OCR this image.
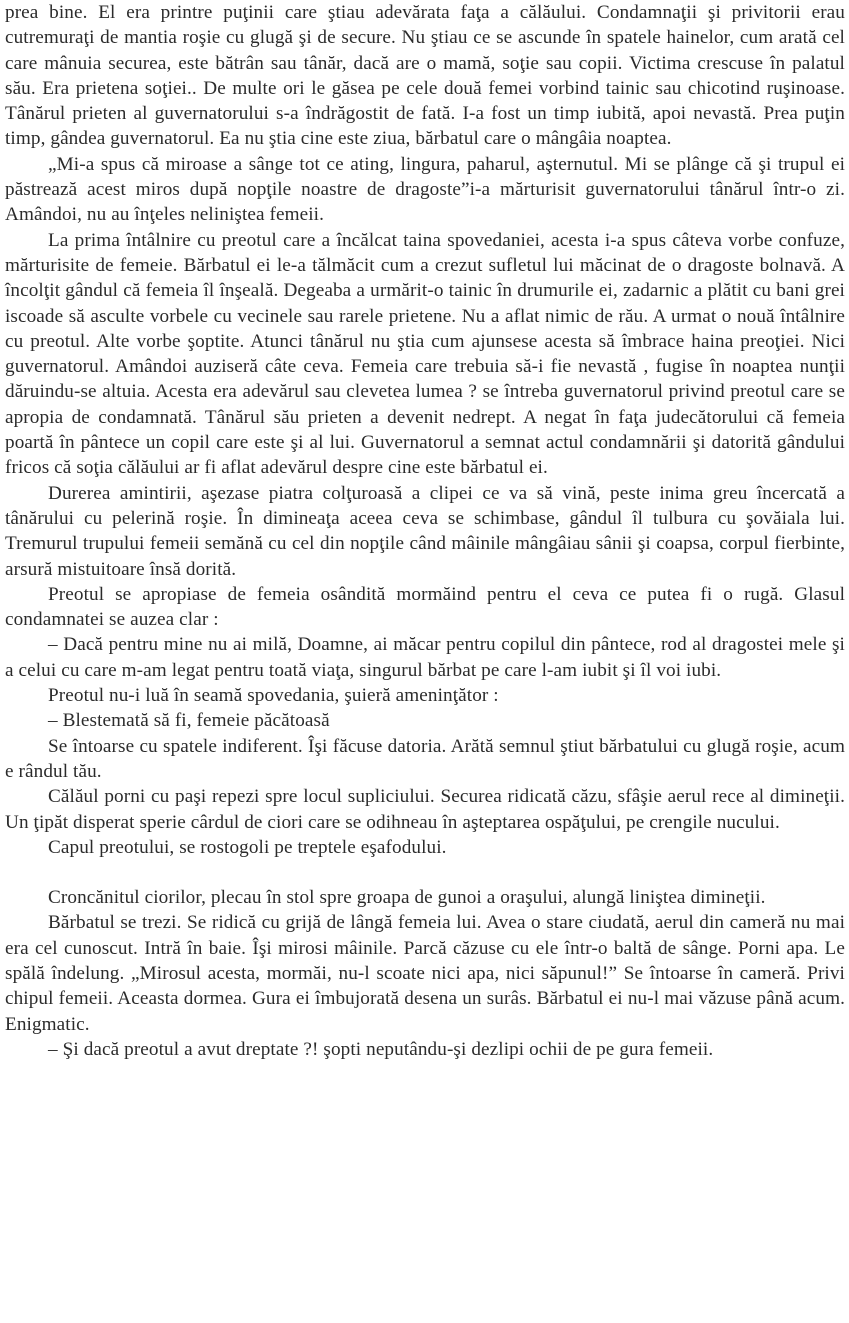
prea bine. El era printre puţinii care ştiau adevărata faţa a călăului. Condamnaţii şi privitorii erau cutremuraţi de mantia roşie cu glugă şi de secure. Nu ştiau ce se ascunde în spatele hainelor, cum arată cel care mânuia securea, este bătrân sau tânăr, dacă are o mamă, soţie sau copii. Victima crescuse în palatul său. Era prietena soţiei.. De multe ori le găsea pe cele două femei vorbind tainic sau chicotind ruşinoase. Tânărul prieten al guvernatorului s-a îndrăgostit de fată. I-a fost un timp iubită, apoi nevastă. Prea puţin timp, gândea guvernatorul. Ea nu ştia cine este ziua, bărbatul care o mângâia noaptea.

„Mi-a spus că miroase a sânge tot ce ating, lingura, paharul, aşternutul. Mi se plânge că şi trupul ei păstrează acest miros după nopţile noastre de dragoste”i-a mărturisit guvernatorului tânărul într-o zi. Amândoi, nu au înţeles neliniştea femeii.

La prima întâlnire cu preotul care a încălcat taina spovedaniei, acesta i-a spus câteva vorbe confuze, mărturisite de femeie. Bărbatul ei le-a tălmăcit cum a crezut sufletul lui măcinat de o dragoste bolnavă. A încolţit gândul că femeia îl înşeală. Degeaba a urmărit-o tainic în drumurile ei, zadarnic a plătit cu bani grei iscoade să asculte vorbele cu vecinele sau rarele prietene. Nu a aflat nimic de rău. A urmat o nouă întâlnire cu preotul. Alte vorbe şoptite. Atunci tânărul nu ştia cum ajunsese acesta să îmbrace haina preoţiei. Nici guvernatorul. Amândoi auziseră câte ceva. Femeia care trebuia să-i fie nevastă , fugise în noaptea nunţii dăruindu-se altuia. Acesta era adevărul sau clevetea lumea ? se întreba guvernatorul privind preotul care se apropia de condamnată. Tânărul său prieten a devenit nedrept. A negat în faţa judecătorului că femeia poartă în pântece un copil care este şi al lui. Guvernatorul a semnat actul condamnării şi datorită gândului fricos că soţia călăului ar fi aflat adevărul despre cine este bărbatul ei.

Durerea amintirii, aşezase piatra colţuroasă a clipei ce va să vină, peste inima greu încercată a tânărului cu pelerină roşie. În dimineaţa aceea ceva se schimbase, gândul îl tulbura cu şovăiala lui. Tremurul trupului femeii semănă cu cel din nopţile când mâinile mângâiau sânii şi coapsa, corpul fierbinte, arsură mistuitoare însă dorită.

Preotul se apropiase de femeia osândită mormăind pentru el ceva ce putea fi o rugă. Glasul condamnatei se auzea clar :

– Dacă pentru mine nu ai milă, Doamne, ai măcar pentru copilul din pântece, rod al dragostei mele şi a celui cu care m-am legat pentru toată viaţa, singurul bărbat pe care l-am iubit şi îl voi iubi.

Preotul nu-i luă în seamă spovedania, şuieră ameninţător :

– Blestemată să fi, femeie păcătoasă

Se întoarse cu spatele indiferent. Îşi făcuse datoria. Arătă semnul ştiut bărbatului cu glugă roşie, acum e rândul tău.

Călăul porni cu paşi repezi spre locul supliciului. Securea ridicată căzu, sfâşie aerul rece al dimineţii. Un ţipăt disperat sperie cârdul de ciori care se odihneau în aşteptarea ospăţului, pe crengile nucului.

Capul preotului, se rostogoli pe treptele eşafodului.

Croncănitul ciorilor, plecau în stol spre groapa de gunoi a oraşului, alungă liniştea dimineţii.

Bărbatul se trezi. Se ridică cu grijă de lângă femeia lui. Avea o stare ciudată, aerul din cameră nu mai era cel cunoscut. Intră în baie. Îşi mirosi mâinile. Parcă căzuse cu ele într-o baltă de sânge. Porni apa. Le spălă îndelung. „Mirosul acesta, mormăi, nu-l scoate nici apa, nici săpunul!” Se întoarse în cameră. Privi chipul femeii. Aceasta dormea. Gura ei îmbujorată desena un surâs. Bărbatul ei nu-l mai văzuse până acum. Enigmatic.

– Şi dacă preotul a avut dreptate ?! şopti neputându-şi dezlipi ochii de pe gura femeii.
